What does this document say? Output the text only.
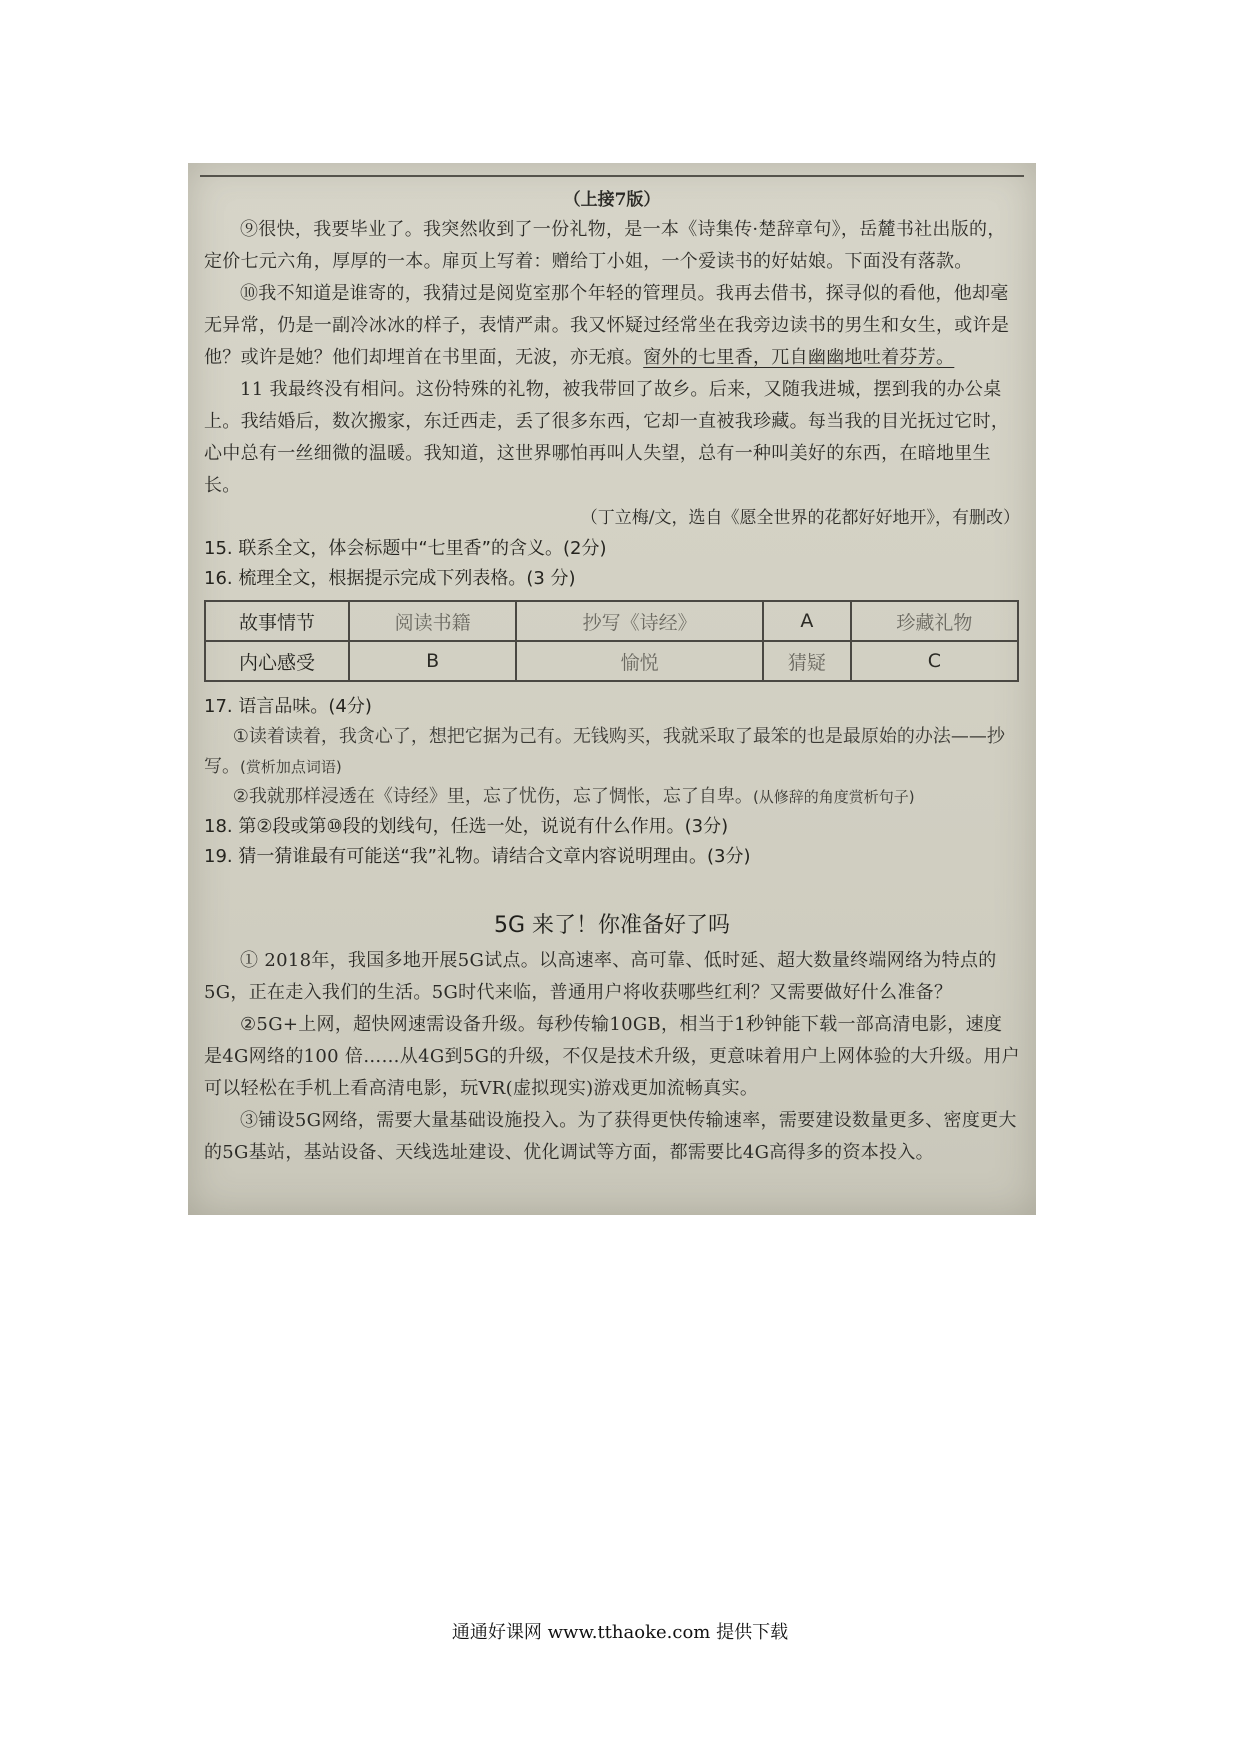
（上接7版）

⑨很快，我要毕业了。我突然收到了一份礼物，是一本《诗集传·楚辞章句》，岳麓书社出版的，定价七元六角，厚厚的一本。扉页上写着：赠给丁小姐，一个爱读书的好姑娘。下面没有落款。

⑩我不知道是谁寄的，我猜过是阅览室那个年轻的管理员。我再去借书，探寻似的看他，他却毫无异常，仍是一副冷冰冰的样子，表情严肃。我又怀疑过经常坐在我旁边读书的男生和女生，或许是他？或许是她？他们却埋首在书里面，无波，亦无痕。窗外的七里香，兀自幽幽地吐着芬芳。

11 我最终没有相问。这份特殊的礼物，被我带回了故乡。后来，又随我进城，摆到我的办公桌上。我结婚后，数次搬家，东迁西走，丢了很多东西，它却一直被我珍藏。每当我的目光抚过它时，心中总有一丝细微的温暖。我知道，这世界哪怕再叫人失望，总有一种叫美好的东西，在暗地里生长。

（丁立梅/文，选自《愿全世界的花都好好地开》，有删改）

15. 联系全文，体会标题中“七里香”的含义。(2分)

16. 梳理全文，根据提示完成下列表格。(3 分)

故事情节	阅读书籍	抄写《诗经》	A	珍藏礼物
内心感受	B	愉悦	猜疑	C

17. 语言品味。(4分)

①读着读着，我贪心了，想把它据为己有。无钱购买，我就采取了最笨的也是最原始的办法——抄写。(赏析加点词语)

②我就那样浸透在《诗经》里，忘了忧伤，忘了惆怅，忘了自卑。(从修辞的角度赏析句子)

18. 第②段或第⑩段的划线句，任选一处，说说有什么作用。(3分)

19. 猜一猜谁最有可能送“我”礼物。请结合文章内容说明理由。(3分)

5G 来了！你准备好了吗

① 2018年，我国多地开展5G试点。以高速率、高可靠、低时延、超大数量终端网络为特点的5G，正在走入我们的生活。5G时代来临，普通用户将收获哪些红利？又需要做好什么准备？

②5G+上网，超快网速需设备升级。每秒传输10GB，相当于1秒钟能下载一部高清电影，速度是4G网络的100 倍……从4G到5G的升级，不仅是技术升级，更意味着用户上网体验的大升级。用户可以轻松在手机上看高清电影，玩VR(虚拟现实)游戏更加流畅真实。

③铺设5G网络，需要大量基础设施投入。为了获得更快传输速率，需要建设数量更多、密度更大的5G基站，基站设备、天线选址建设、优化调试等方面，都需要比4G高得多的资本投入。

通通好课网 www.tthaoke.com 提供下载
